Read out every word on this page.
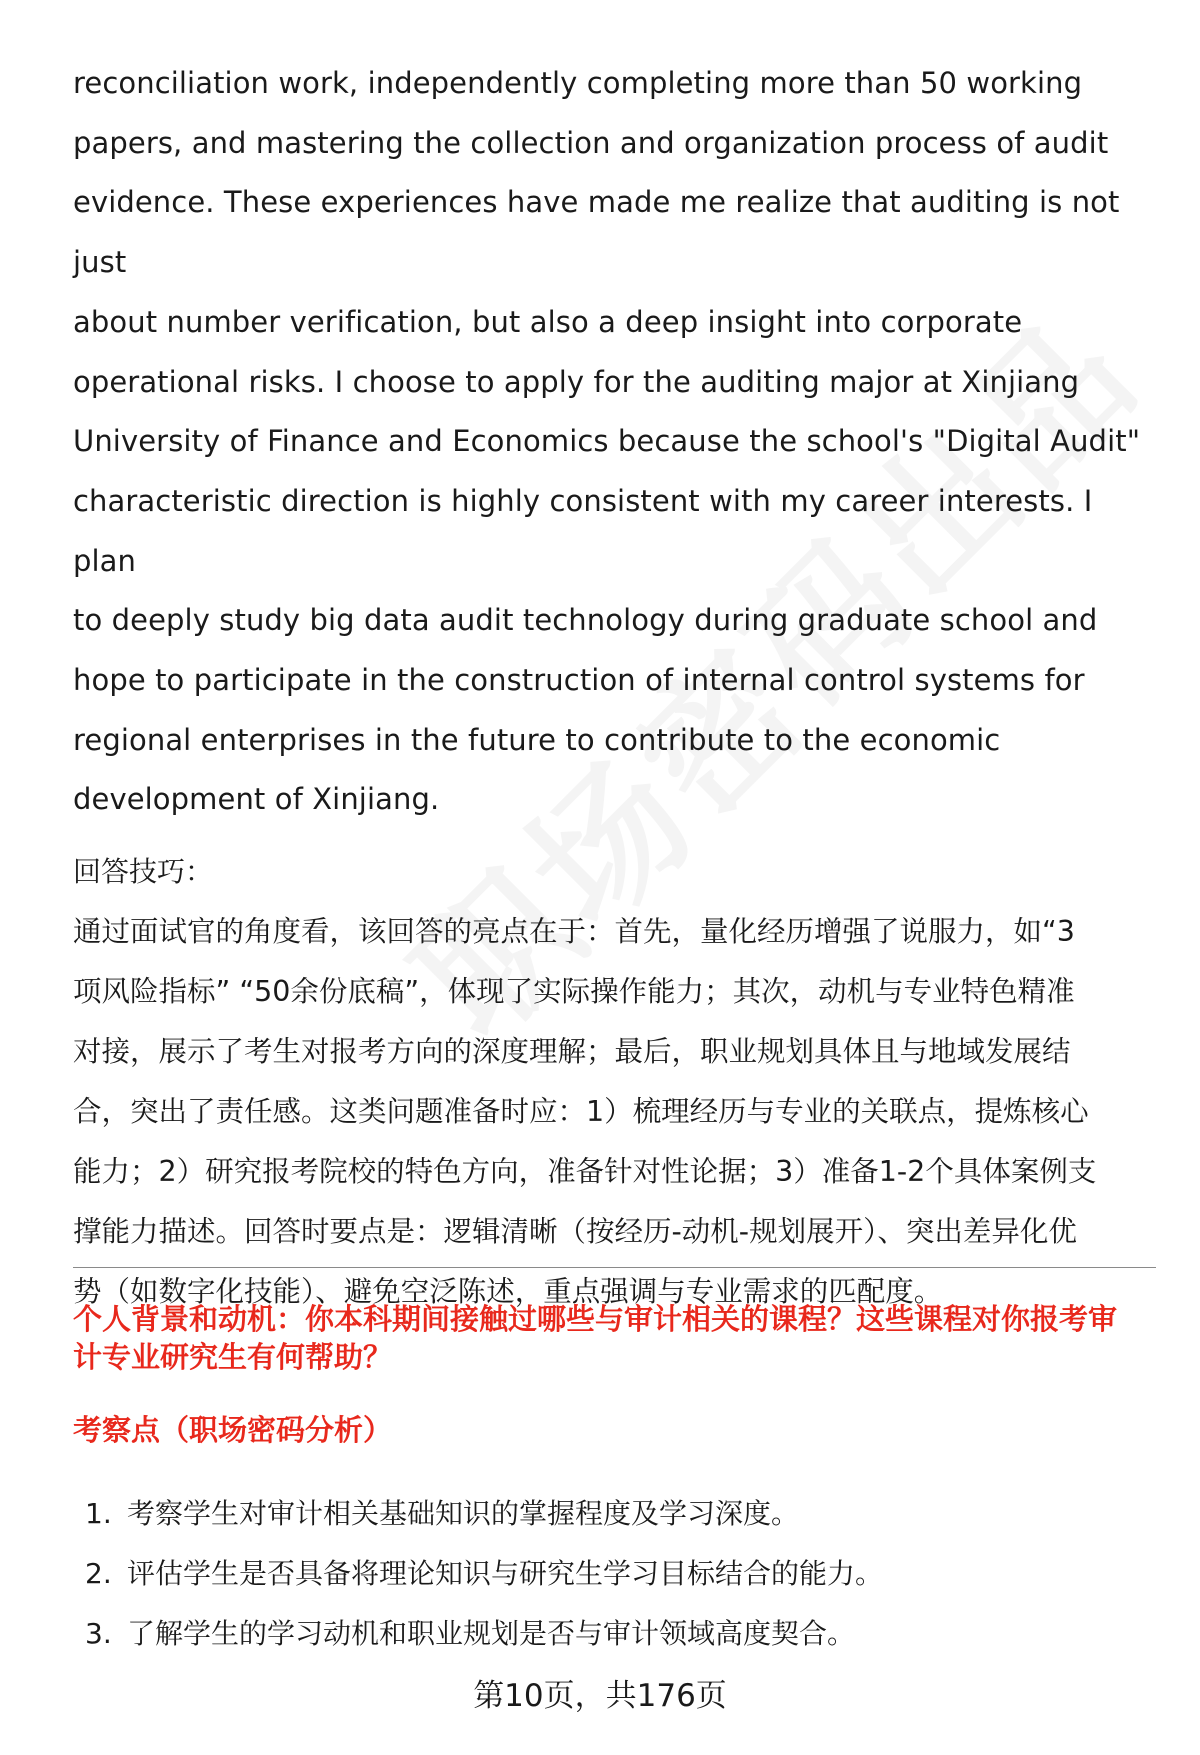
reconciliation work, independently completing more than 50 working

papers, and mastering the collection and organization process of audit

evidence. These experiences have made me realize that auditing is not just

about number verification, but also a deep insight into corporate

operational risks. I choose to apply for the auditing major at Xinjiang

University of Finance and Economics because the school's "Digital Audit"

characteristic direction is highly consistent with my career interests. I plan

to deeply study big data audit technology during graduate school and

hope to participate in the construction of internal control systems for

regional enterprises in the future to contribute to the economic

development of Xinjiang.

回答技巧：

通过面试官的角度看，该回答的亮点在于：首先，量化经历增强了说服力，如“3

项风险指标” “50余份底稿”，体现了实际操作能力；其次，动机与专业特色精准

对接，展示了考生对报考方向的深度理解；最后，职业规划具体且与地域发展结

合，突出了责任感。这类问题准备时应：1）梳理经历与专业的关联点，提炼核心

能力；2）研究报考院校的特色方向，准备针对性论据；3）准备1-2个具体案例支

撑能力描述。回答时要点是：逻辑清晰（按经历-动机-规划展开）、突出差异化优

势（如数字化技能）、避免空泛陈述，重点强调与专业需求的匹配度。

个人背景和动机：你本科期间接触过哪些与审计相关的课程？这些课程对你报考审
计专业研究生有何帮助？

考察点（职场密码分析）

1. 考察学生对审计相关基础知识的掌握程度及学习深度。
2. 评估学生是否具备将理论知识与研究生学习目标结合的能力。
3. 了解学生的学习动机和职业规划是否与审计领域高度契合。
第10页，共176页
